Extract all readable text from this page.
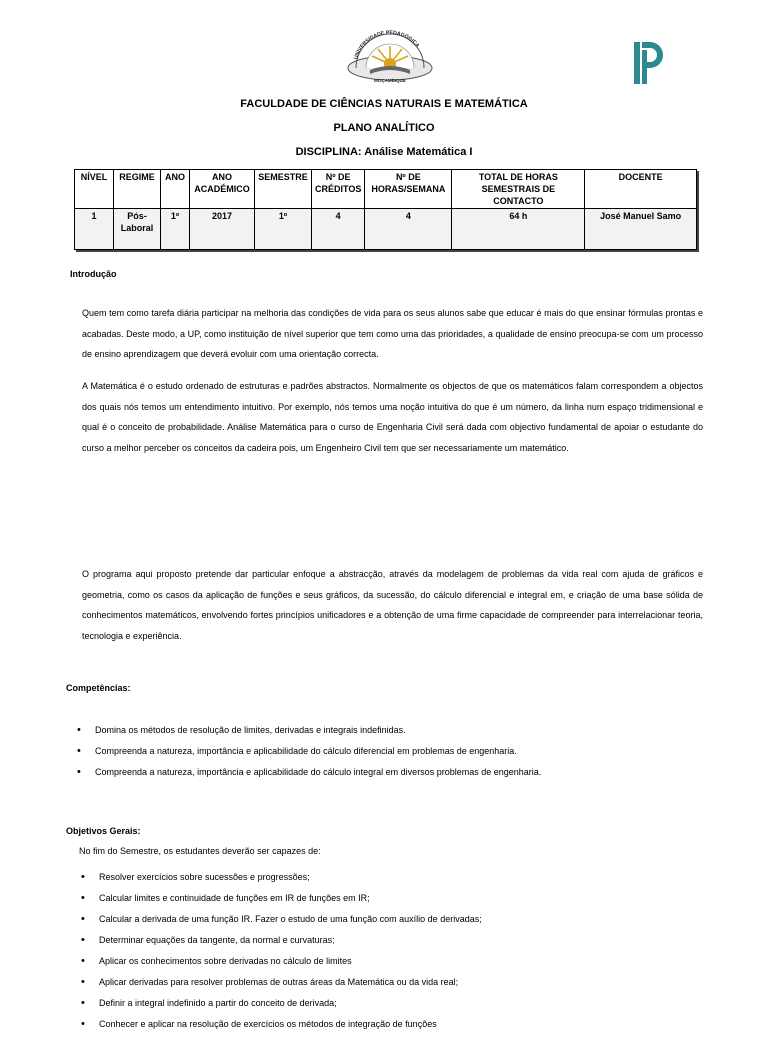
UNIVERSIDADE PEDAGÓGICA
MOÇAMBIQUE
FACULDADE DE CIÊNCIAS NATURAIS E MATEMÁTICA
PLANO ANALÍTICO
DISCIPLINA: Análise Matemática I
NÍVEL	REGIME	ANO	ANO ACADÉMICO	SEMESTRE	Nº DE CRÉDITOS	Nº DE HORAS/SEMANA	TOTAL DE HORAS SEMESTRAIS DE CONTACTO	DOCENTE
1	Pós-Laboral	1º	2017	1º	4	4	64 h	José Manuel Samo
Introdução
Quem tem como tarefa diária participar na melhoria das condições de vida para os seus alunos sabe que educar é mais do que ensinar fórmulas prontas e acabadas. Deste modo, a UP, como instituição de nível superior que tem como uma das prioridades, a qualidade de ensino preocupa-se com um processo de ensino aprendizagem que deverá evoluir com uma orientação correcta.
A Matemática é o estudo ordenado de estruturas e padrões abstractos. Normalmente os objectos de que os matemáticos falam correspondem a objectos dos quais nós temos um entendimento intuitivo. Por exemplo, nós temos uma noção intuitiva do que é um número, da linha num espaço tridimensional e qual é o conceito de probabilidade. Análise Matemática para o curso de Engenharia Civil será dada com objectivo fundamental de apoiar o estudante do curso a melhor perceber os conceitos da cadeira pois, um Engenheiro Civil tem que ser necessariamente um matemático.
O programa aqui proposto pretende dar particular enfoque a abstracção, através da modelagem de problemas da vida real com ajuda de gráficos e geometria, como os casos da aplicação de funções e seus gráficos, da sucessão, do cálculo diferencial e integral em, e criação de uma base sólida de conhecimentos matemáticos, envolvendo fortes princípios unificadores e a obtenção de uma firme capacidade de compreender para interrelacionar teoria, tecnologia e experiência.
Competências:
• Domina os métodos de resolução de limites, derivadas e integrais indefinidas.
• Compreenda a natureza, importância e aplicabilidade do cálculo diferencial em problemas de engenharia.
• Compreenda a natureza, importância e aplicabilidade do cálculo integral em diversos problemas de engenharia.
Objetivos Gerais:
No fim do Semestre, os estudantes deverão ser capazes de:
• Resolver exercícios sobre sucessões e progressões;
• Calcular limites e continuidade de funções em IR de funções em IR;
• Calcular a derivada de uma função IR. Fazer o estudo de uma função com auxílio de derivadas;
• Determinar equações da tangente, da normal e curvaturas;
• Aplicar os conhecimentos sobre derivadas no cálculo de limites
• Aplicar derivadas para resolver problemas de outras áreas da Matemática ou da vida real;
• Definir a integral indefinido a partir do conceito de derivada;
• Conhecer e aplicar na resolução de exercícios os métodos de integração de funções
